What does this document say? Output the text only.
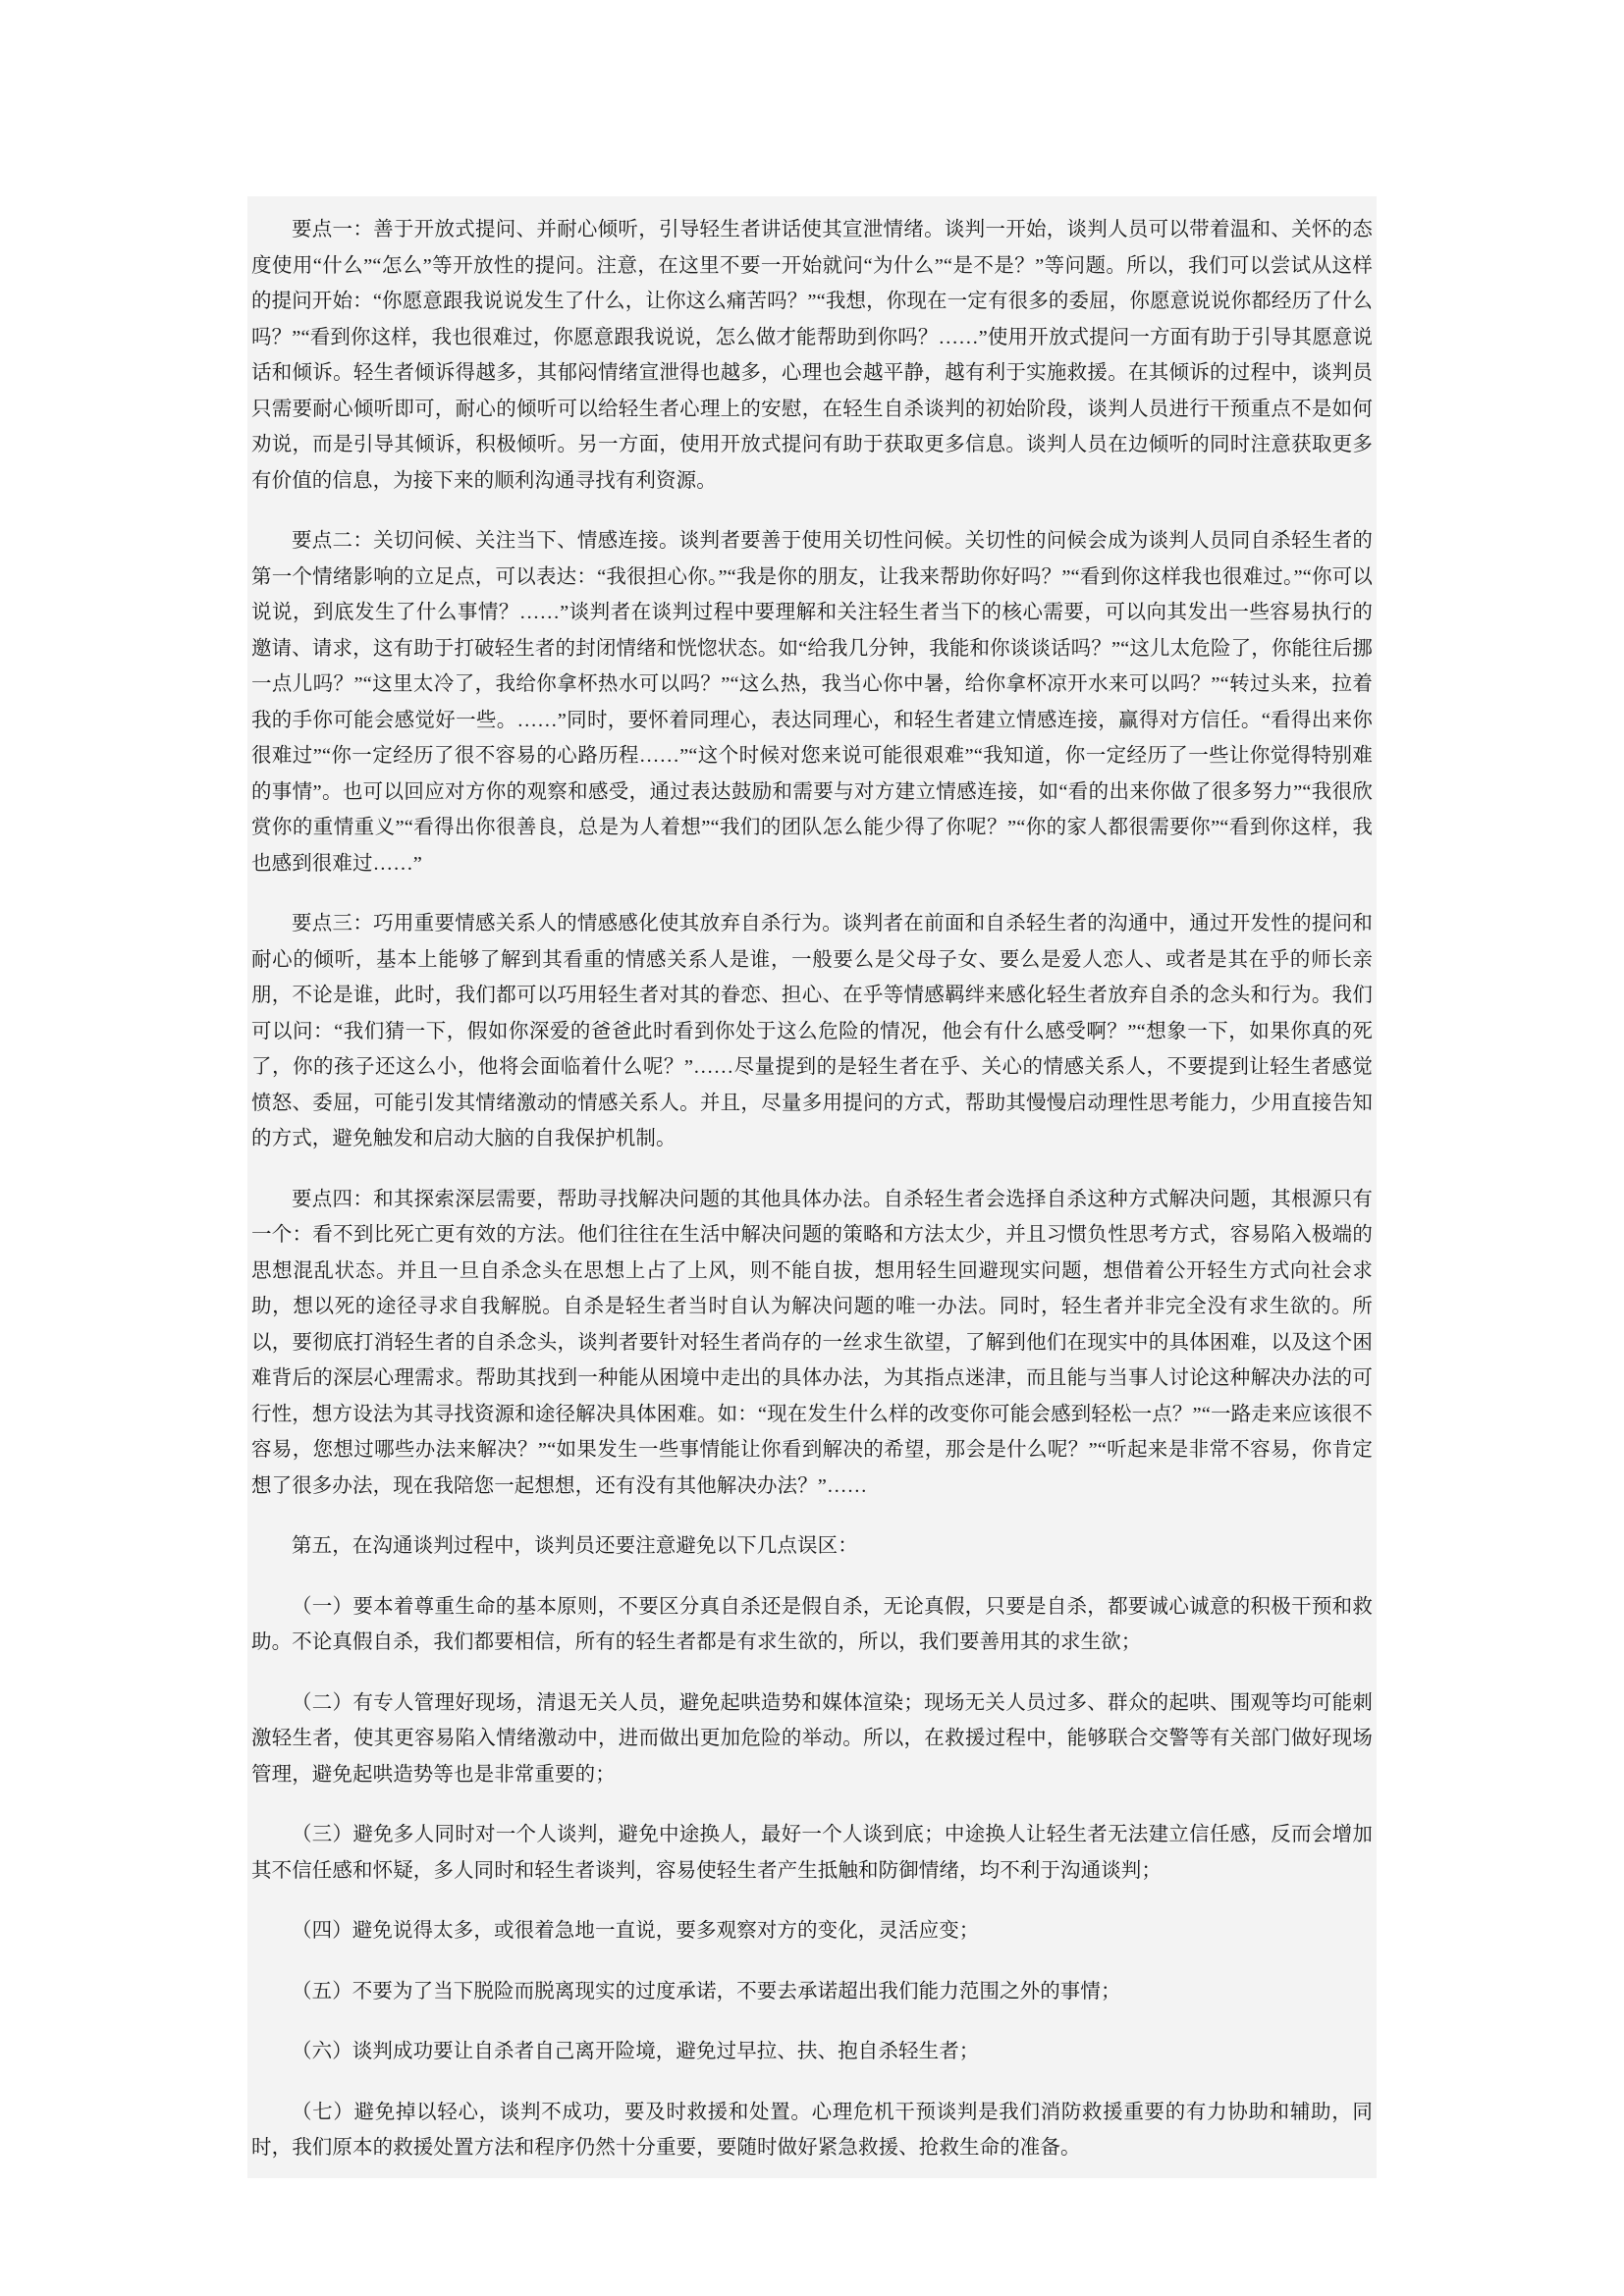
要点一：善于开放式提问、并耐心倾听，引导轻生者讲话使其宣泄情绪。谈判一开始，谈判人员可以带着温和、关怀的态度使用“什么”“怎么”等开放性的提问。注意，在这里不要一开始就问“为什么”“是不是？”等问题。所以，我们可以尝试从这样的提问开始：“你愿意跟我说说发生了什么，让你这么痛苦吗？”“我想，你现在一定有很多的委屈，你愿意说说你都经历了什么吗？”“看到你这样，我也很难过，你愿意跟我说说，怎么做才能帮助到你吗？……”使用开放式提问一方面有助于引导其愿意说话和倾诉。轻生者倾诉得越多，其郁闷情绪宣泄得也越多，心理也会越平静，越有利于实施救援。在其倾诉的过程中，谈判员只需要耐心倾听即可，耐心的倾听可以给轻生者心理上的安慰，在轻生自杀谈判的初始阶段，谈判人员进行干预重点不是如何劝说，而是引导其倾诉，积极倾听。另一方面，使用开放式提问有助于获取更多信息。谈判人员在边倾听的同时注意获取更多有价值的信息，为接下来的顺利沟通寻找有利资源。

要点二：关切问候、关注当下、情感连接。谈判者要善于使用关切性问候。关切性的问候会成为谈判人员同自杀轻生者的第一个情绪影响的立足点，可以表达：“我很担心你。”“我是你的朋友，让我来帮助你好吗？”“看到你这样我也很难过。”“你可以说说，到底发生了什么事情？……”谈判者在谈判过程中要理解和关注轻生者当下的核心需要，可以向其发出一些容易执行的邀请、请求，这有助于打破轻生者的封闭情绪和恍惚状态。如“给我几分钟，我能和你谈谈话吗？”“这儿太危险了，你能往后挪一点儿吗？”“这里太冷了，我给你拿杯热水可以吗？”“这么热，我当心你中暑，给你拿杯凉开水来可以吗？”“转过头来，拉着我的手你可能会感觉好一些。……”同时，要怀着同理心，表达同理心，和轻生者建立情感连接，赢得对方信任。“看得出来你很难过”“你一定经历了很不容易的心路历程……”“这个时候对您来说可能很艰难”“我知道，你一定经历了一些让你觉得特别难的事情”。也可以回应对方你的观察和感受，通过表达鼓励和需要与对方建立情感连接，如“看的出来你做了很多努力”“我很欣赏你的重情重义”“看得出你很善良，总是为人着想”“我们的团队怎么能少得了你呢？”“你的家人都很需要你”“看到你这样，我也感到很难过……”

要点三：巧用重要情感关系人的情感感化使其放弃自杀行为。谈判者在前面和自杀轻生者的沟通中，通过开发性的提问和耐心的倾听，基本上能够了解到其看重的情感关系人是谁，一般要么是父母子女、要么是爱人恋人、或者是其在乎的师长亲朋，不论是谁，此时，我们都可以巧用轻生者对其的眷恋、担心、在乎等情感羁绊来感化轻生者放弃自杀的念头和行为。我们可以问：“我们猜一下，假如你深爱的爸爸此时看到你处于这么危险的情况，他会有什么感受啊？”“想象一下，如果你真的死了，你的孩子还这么小，他将会面临着什么呢？”……尽量提到的是轻生者在乎、关心的情感关系人，不要提到让轻生者感觉愤怒、委屈，可能引发其情绪激动的情感关系人。并且，尽量多用提问的方式，帮助其慢慢启动理性思考能力，少用直接告知的方式，避免触发和启动大脑的自我保护机制。

要点四：和其探索深层需要，帮助寻找解决问题的其他具体办法。自杀轻生者会选择自杀这种方式解决问题，其根源只有一个：看不到比死亡更有效的方法。他们往往在生活中解决问题的策略和方法太少，并且习惯负性思考方式，容易陷入极端的思想混乱状态。并且一旦自杀念头在思想上占了上风，则不能自拔，想用轻生回避现实问题，想借着公开轻生方式向社会求助，想以死的途径寻求自我解脱。自杀是轻生者当时自认为解决问题的唯一办法。同时，轻生者并非完全没有求生欲的。所以，要彻底打消轻生者的自杀念头，谈判者要针对轻生者尚存的一丝求生欲望，了解到他们在现实中的具体困难，以及这个困难背后的深层心理需求。帮助其找到一种能从困境中走出的具体办法，为其指点迷津，而且能与当事人讨论这种解决办法的可行性，想方设法为其寻找资源和途径解决具体困难。如：“现在发生什么样的改变你可能会感到轻松一点？”“一路走来应该很不容易，您想过哪些办法来解决？”“如果发生一些事情能让你看到解决的希望，那会是什么呢？”“听起来是非常不容易，你肯定想了很多办法，现在我陪您一起想想，还有没有其他解决办法？”……

第五，在沟通谈判过程中，谈判员还要注意避免以下几点误区：

（一）要本着尊重生命的基本原则，不要区分真自杀还是假自杀，无论真假，只要是自杀，都要诚心诚意的积极干预和救助。不论真假自杀，我们都要相信，所有的轻生者都是有求生欲的，所以，我们要善用其的求生欲；

（二）有专人管理好现场，清退无关人员，避免起哄造势和媒体渲染；现场无关人员过多、群众的起哄、围观等均可能刺激轻生者，使其更容易陷入情绪激动中，进而做出更加危险的举动。所以，在救援过程中，能够联合交警等有关部门做好现场管理，避免起哄造势等也是非常重要的；

（三）避免多人同时对一个人谈判，避免中途换人，最好一个人谈到底；中途换人让轻生者无法建立信任感，反而会增加其不信任感和怀疑，多人同时和轻生者谈判，容易使轻生者产生抵触和防御情绪，均不利于沟通谈判；

（四）避免说得太多，或很着急地一直说，要多观察对方的变化，灵活应变；

（五）不要为了当下脱险而脱离现实的过度承诺，不要去承诺超出我们能力范围之外的事情；

（六）谈判成功要让自杀者自己离开险境，避免过早拉、扶、抱自杀轻生者；

（七）避免掉以轻心，谈判不成功，要及时救援和处置。心理危机干预谈判是我们消防救援重要的有力协助和辅助，同时，我们原本的救援处置方法和程序仍然十分重要，要随时做好紧急救援、抢救生命的准备。
